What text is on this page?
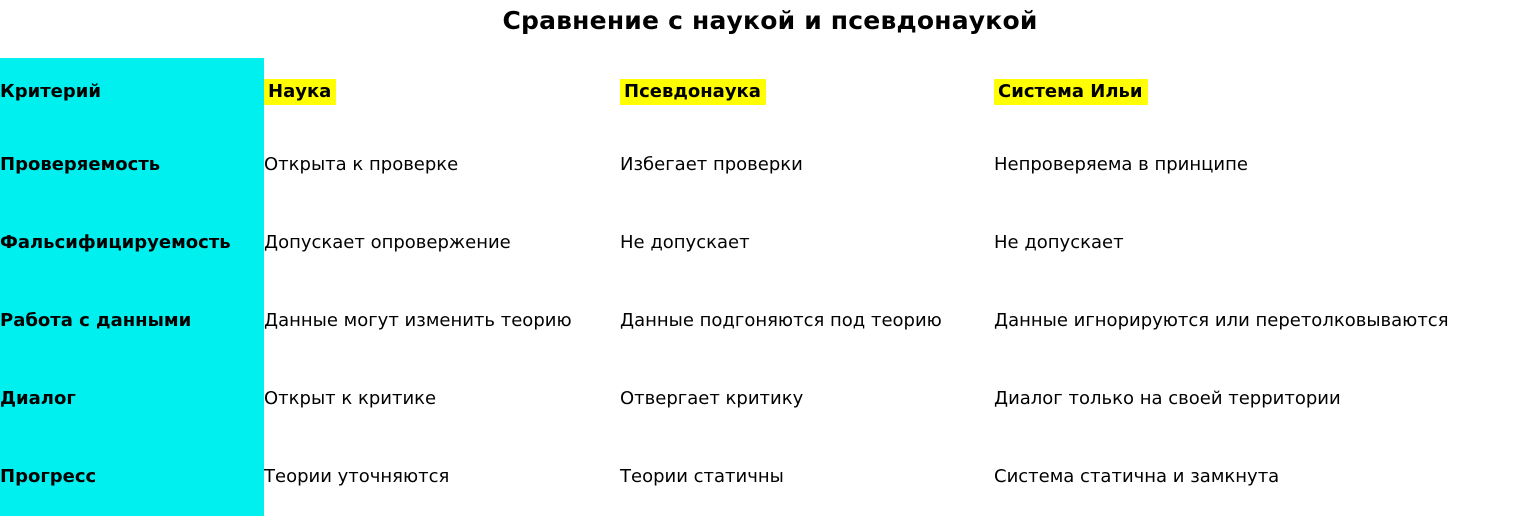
Сравнение с наукой и псевдонаукой
Критерий	Наука	Псевдонаука	Система Ильи
Проверяемость	Открыта к проверке	Избегает проверки	Непроверяема в принципе
Фальсифицируемость	Допускает опровержение	Не допускает	Не допускает
Работа с данными	Данные могут изменить теорию	Данные подгоняются под теорию	Данные игнорируются или перетолковываются
Диалог	Открыт к критике	Отвергает критику	Диалог только на своей территории
Прогресс	Теории уточняются	Теории статичны	Система статична и замкнута
